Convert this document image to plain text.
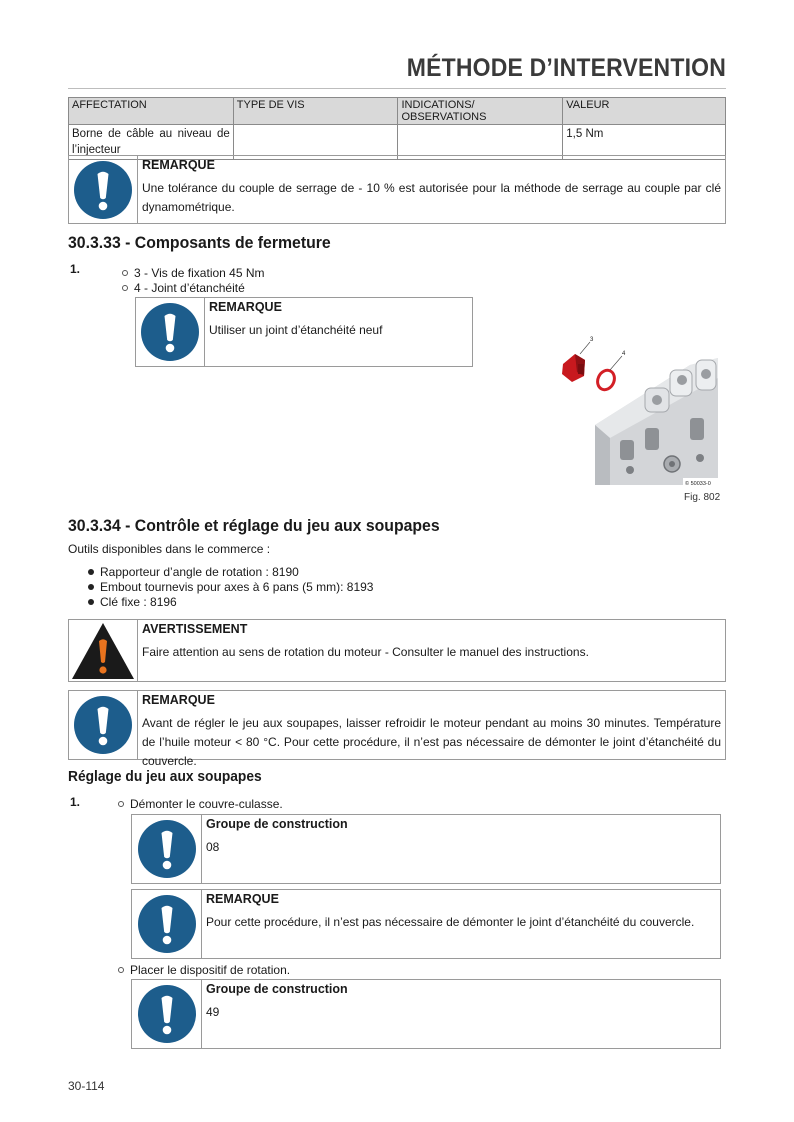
MÉTHODE D’INTERVENTION
AFFECTATION	TYPE DE VIS	INDICATIONS/ OBSERVATIONS	VALEUR
Borne de câble au niveau de l’injecteur			1,5 Nm
REMARQUE
Une tolérance du couple de serrage de - 10 % est autorisée pour la méthode de serrage au couple par clé dynamométrique.
30.3.33 - Composants de fermeture
1.	3 - Vis de fixation 45 Nm
4 - Joint d’étanchéité
REMARQUE
Utiliser un joint d’étanchéité neuf
3
4
© 50033-0
Fig. 802
30.3.34 - Contrôle et réglage du jeu aux soupapes
Outils disponibles dans le commerce :
Rapporteur d’angle de rotation : 8190
Embout tournevis pour axes à 6 pans (5 mm): 8193
Clé fixe : 8196
AVERTISSEMENT
Faire attention au sens de rotation du moteur - Consulter le manuel des instructions.
REMARQUE
Avant de régler le jeu aux soupapes, laisser refroidir le moteur pendant au moins 30 minutes. Température de l’huile moteur < 80 °C. Pour cette procédure, il n’est pas nécessaire de démonter le joint d’étanchéité du couvercle.
Réglage du jeu aux soupapes
1.	Démonter le couvre-culasse.
Groupe de construction
08
REMARQUE
Pour cette procédure, il n’est pas nécessaire de démonter le joint d’étanchéité du couvercle.
Placer le dispositif de rotation.
Groupe de construction
49
30-114
